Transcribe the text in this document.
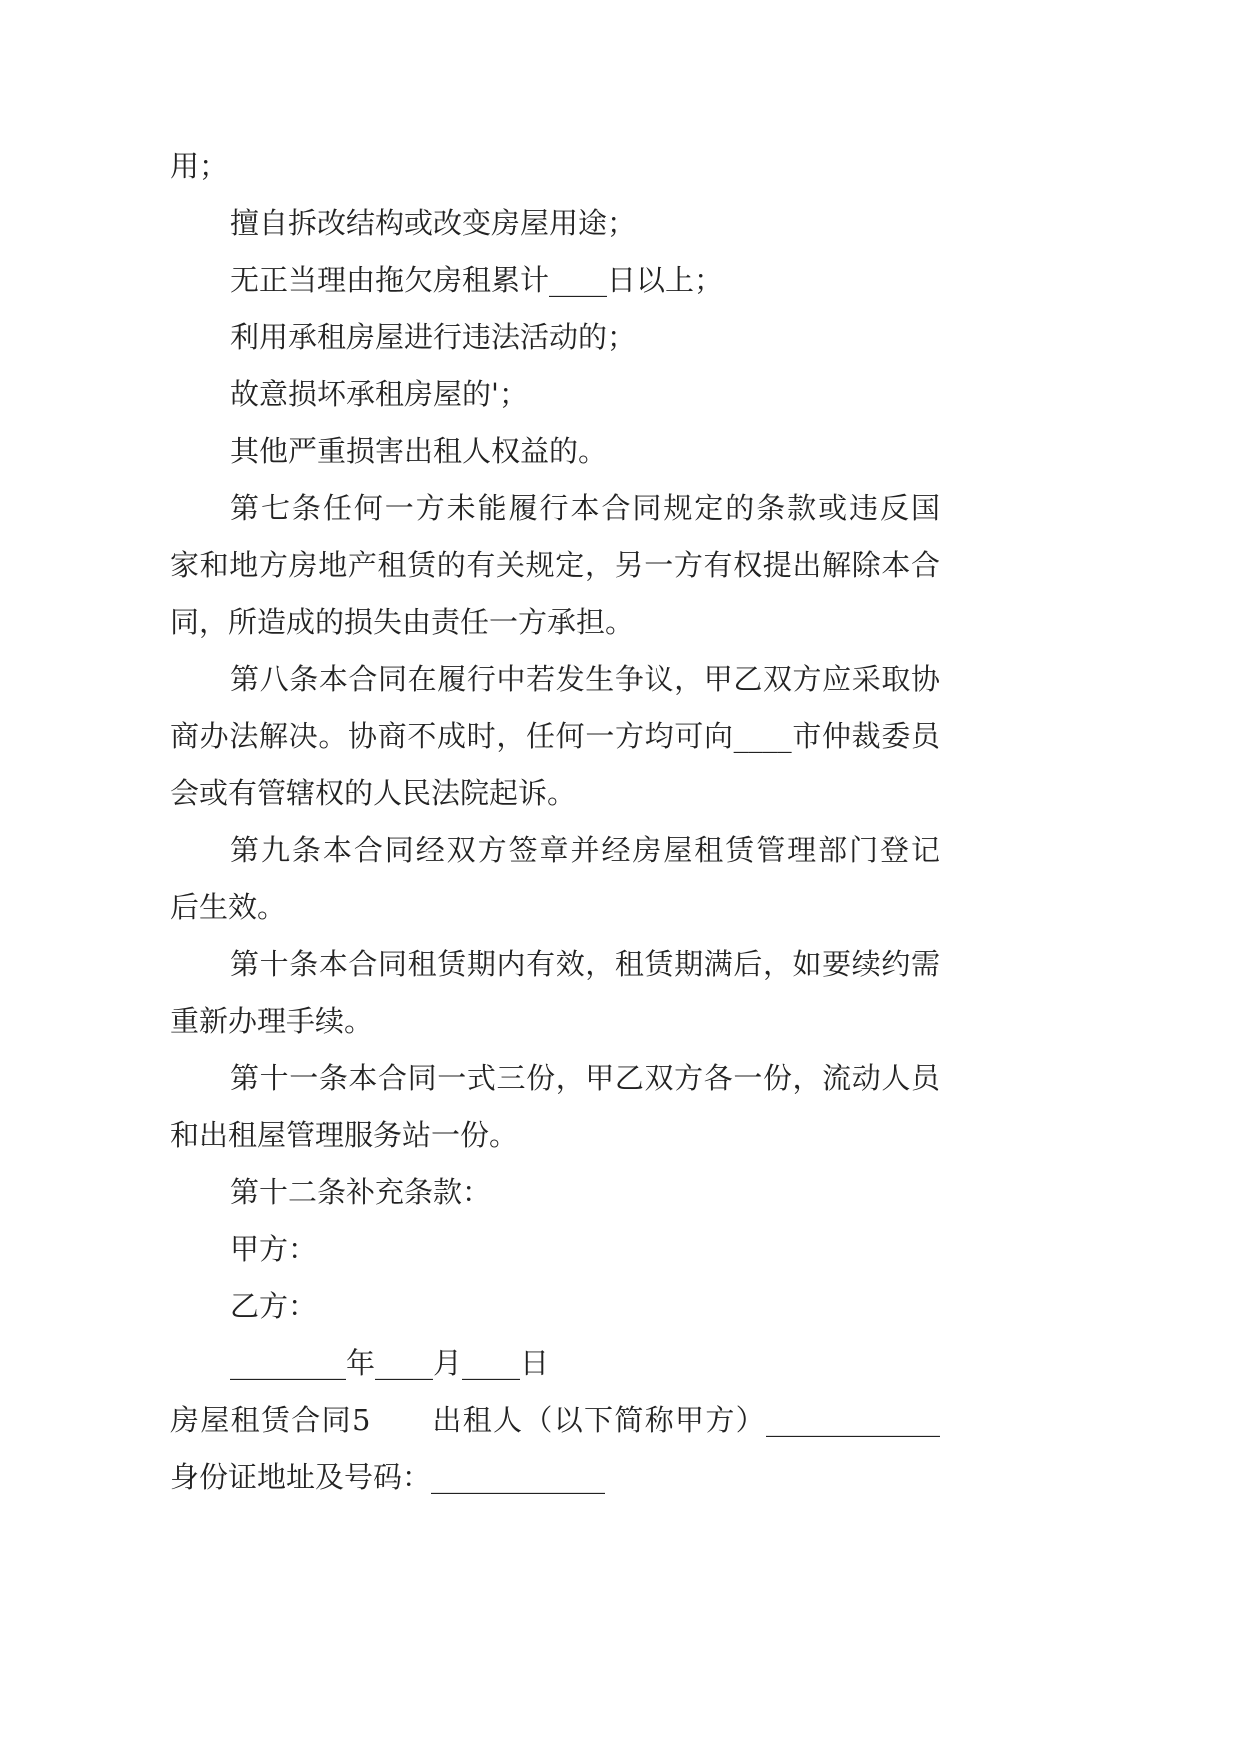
用；
擅自拆改结构或改变房屋用途；
无正当理由拖欠房租累计____日以上；
利用承租房屋进行违法活动的；
故意损坏承租房屋的'；
其他严重损害出租人权益的。
第七条任何一方未能履行本合同规定的条款或违反国
家和地方房地产租赁的有关规定，另一方有权提出解除本合
同，所造成的损失由责任一方承担。
第八条本合同在履行中若发生争议，甲乙双方应采取协
商办法解决。协商不成时，任何一方均可向____市仲裁委员
会或有管辖权的人民法院起诉。
第九条本合同经双方签章并经房屋租赁管理部门登记
后生效。
第十条本合同租赁期内有效，租赁期满后，如要续约需
重新办理手续。
第十一条本合同一式三份，甲乙双方各一份，流动人员
和出租屋管理服务站一份。
第十二条补充条款：
甲方：
乙方：
________年____月____日
房屋租赁合同5　　出租人（以下简称甲方）____________
身份证地址及号码：____________
